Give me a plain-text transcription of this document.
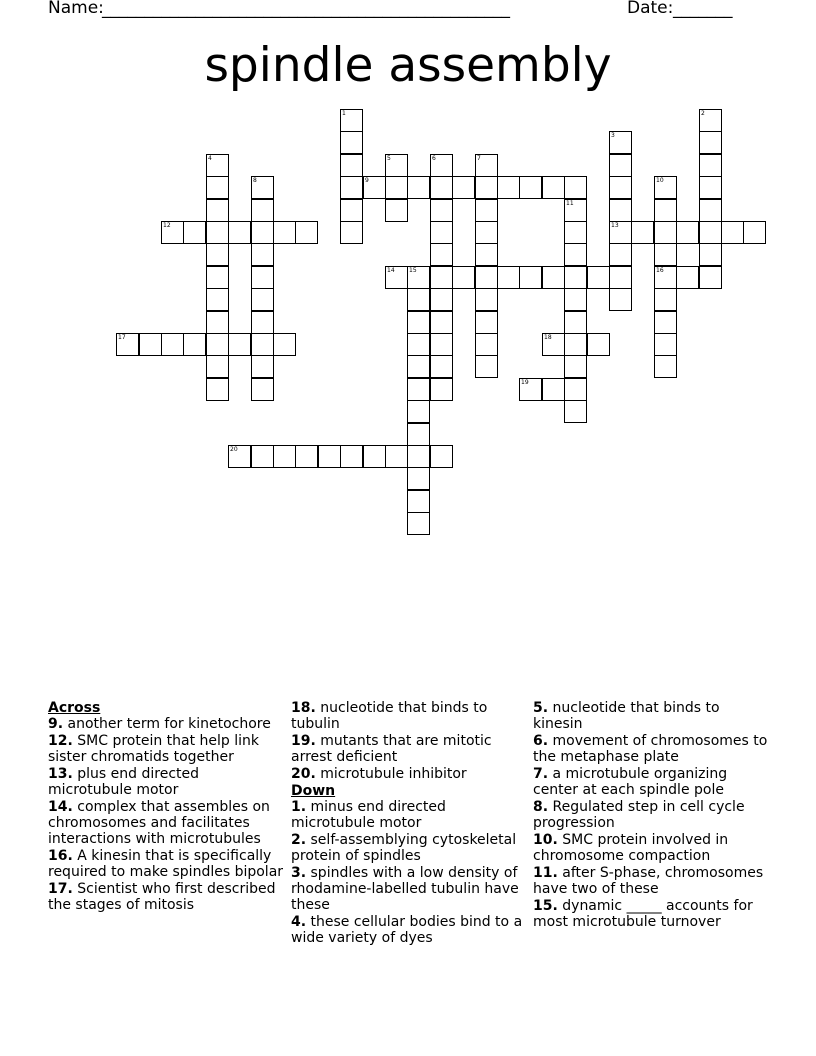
Name:
________________________________________________	Date: _______
spindle assembly
1	2
3
13
4	5	6	7
8	9	10
16
11
12
14 15
17	18
19
20
Across
9. another term for kinetochore
12. SMC protein that help link sister chromatids together
13. plus end directed microtubule motor
14. complex that assembles on chromosomes and facilitates interactions with microtubules
16. A kinesin that is specifically required to make spindles bipolar
17. Scientist who first described the stages of mitosis
18. nucleotide that binds to tubulin
19. mutants that are mitotic arrest deficient
20. microtubule inhibitor
Down
1. minus end directed microtubule motor
2. self-assemblying cytoskeletal protein of spindles
3. spindles with a low density of rhodamine-labelled tubulin have these
4. these cellular bodies bind to a wide variety of dyes
5. nucleotide that binds to kinesin
6. movement of chromosomes to the metaphase plate
7. a microtubule organizing center at each spindle pole
8. Regulated step in cell cycle progression
10. SMC protein involved in chromosome compaction
11. after S-phase, chromosomes have two of these
15. dynamic _____ accounts for most microtubule turnover
